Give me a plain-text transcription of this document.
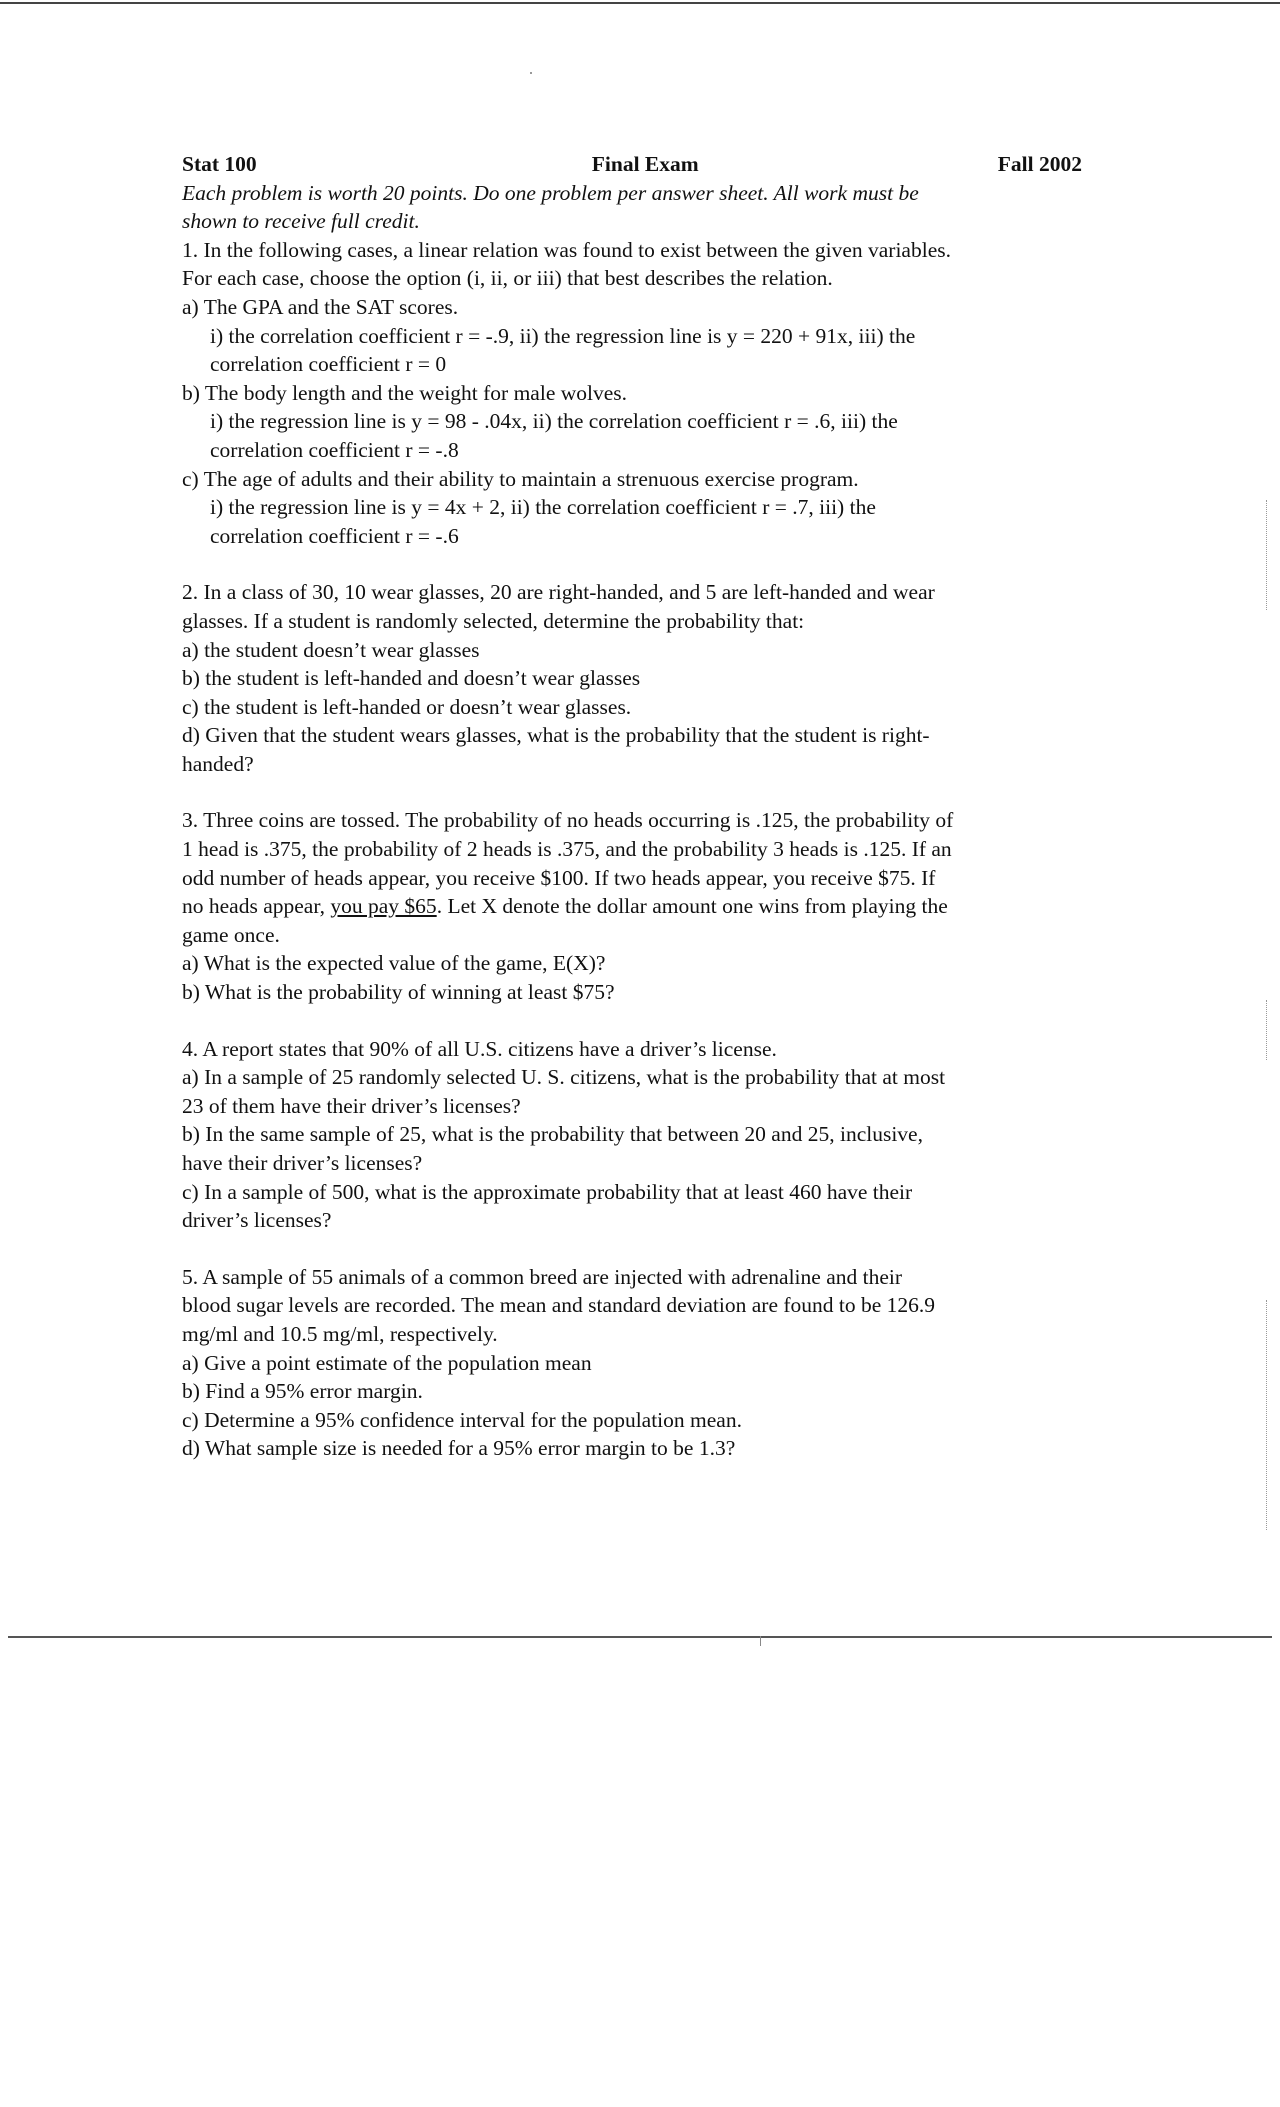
Stat 100	Final Exam	Fall 2002

Each problem is worth 20 points. Do one problem per answer sheet. All work must be

shown to receive full credit.

1. In the following cases, a linear relation was found to exist between the given variables.

For each case, choose the option (i, ii, or iii) that best describes the relation.

a) The GPA and the SAT scores.

i) the correlation coefficient r = -.9, ii) the regression line is y = 220 + 91x, iii) the

correlation coefficient r = 0

b) The body length and the weight for male wolves.

i) the regression line is y = 98 - .04x, ii) the correlation coefficient r = .6, iii) the

correlation coefficient r = -.8

c) The age of adults and their ability to maintain a strenuous exercise program.

i) the regression line is y = 4x + 2, ii) the correlation coefficient r = .7, iii) the

correlation coefficient r = -.6

2. In a class of 30, 10 wear glasses, 20 are right-handed, and 5 are left-handed and wear

glasses. If a student is randomly selected, determine the probability that:

a) the student doesn’t wear glasses

b) the student is left-handed and doesn’t wear glasses

c) the student is left-handed or doesn’t wear glasses.

d) Given that the student wears glasses, what is the probability that the student is right-

handed?

3. Three coins are tossed. The probability of no heads occurring is .125, the probability of

1 head is .375, the probability of 2 heads is .375, and the probability 3 heads is .125. If an

odd number of heads appear, you receive $100. If two heads appear, you receive $75. If

no heads appear, you pay $65. Let X denote the dollar amount one wins from playing the

game once.

a) What is the expected value of the game, E(X)?

b) What is the probability of winning at least $75?

4. A report states that 90% of all U.S. citizens have a driver’s license.

a) In a sample of 25 randomly selected U. S. citizens, what is the probability that at most

23 of them have their driver’s licenses?

b) In the same sample of 25, what is the probability that between 20 and 25, inclusive,

have their driver’s licenses?

c) In a sample of 500, what is the approximate probability that at least 460 have their

driver’s licenses?

5. A sample of 55 animals of a common breed are injected with adrenaline and their

blood sugar levels are recorded. The mean and standard deviation are found to be 126.9

mg/ml and 10.5 mg/ml, respectively.

a) Give a point estimate of the population mean

b) Find a 95% error margin.

c) Determine a 95% confidence interval for the population mean.

d) What sample size is needed for a 95% error margin to be 1.3?
